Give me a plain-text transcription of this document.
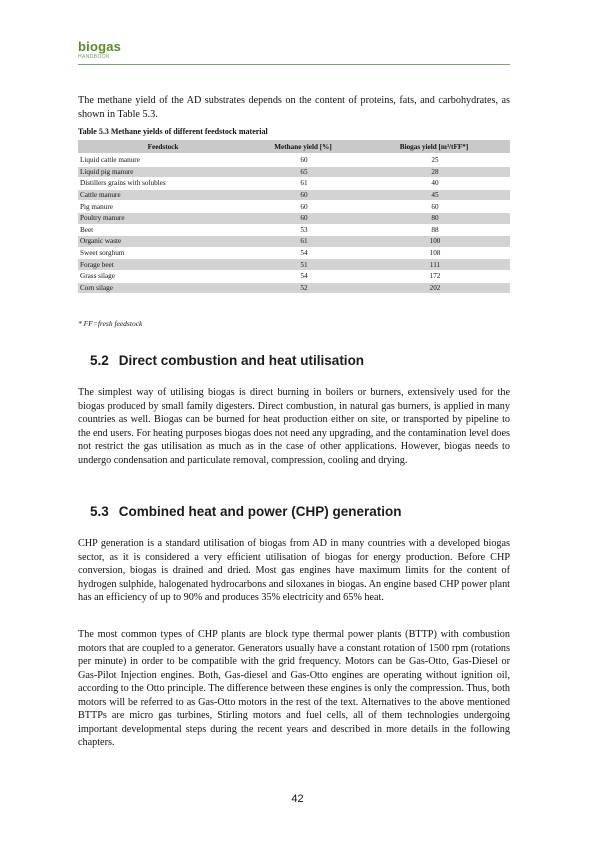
biogas
HANDBOOK

The methane yield of the AD substrates depends on the content of proteins, fats, and carbohydrates, as shown in Table 5.3.

Table 5.3 Methane yields of different feedstock material
Feedstock	Methane yield [%]	Biogas yield [m³/tFF*]
Liquid cattle manure	60	25
Liquid pig manure	65	28
Distillers grains with solubles	61	40
Cattle manure	60	45
Pig manure	60	60
Poultry manure	60	80
Beet	53	88
Organic waste	61	100
Sweet sorghum	54	108
Forage beet	51	111
Grass silage	54	172
Corn silage	52	202
* FF=fresh feedstock
5.2 Direct combustion and heat utilisation

The simplest way of utilising biogas is direct burning in boilers or burners, extensively used for the biogas produced by small family digesters. Direct combustion, in natural gas burners, is applied in many countries as well. Biogas can be burned for heat production either on site, or transported by pipeline to the end users. For heating purposes biogas does not need any upgrading, and the contamination level does not restrict the gas utilisation as much as in the case of other applications. However, biogas needs to undergo condensation and particulate removal, compression, cooling and drying.

5.3 Combined heat and power (CHP) generation

CHP generation is a standard utilisation of biogas from AD in many countries with a developed biogas sector, as it is considered a very efficient utilisation of biogas for energy production. Before CHP conversion, biogas is drained and dried. Most gas engines have maximum limits for the content of hydrogen sulphide, halogenated hydrocarbons and siloxanes in biogas. An engine based CHP power plant has an efficiency of up to 90% and produces 35% electricity and 65% heat.

The most common types of CHP plants are block type thermal power plants (BTTP) with combustion motors that are coupled to a generator. Generators usually have a constant rotation of 1500 rpm (rotations per minute) in order to be compatible with the grid frequency. Motors can be Gas-Otto, Gas-Diesel or Gas-Pilot Injection engines. Both, Gas-diesel and Gas-Otto engines are operating without ignition oil, according to the Otto principle. The difference between these engines is only the compression. Thus, both motors will be referred to as Gas-Otto motors in the rest of the text. Alternatives to the above mentioned BTTPs are micro gas turbines, Stirling motors and fuel cells, all of them technologies undergoing important developmental steps during the recent years and described in more details in the following chapters.

42
